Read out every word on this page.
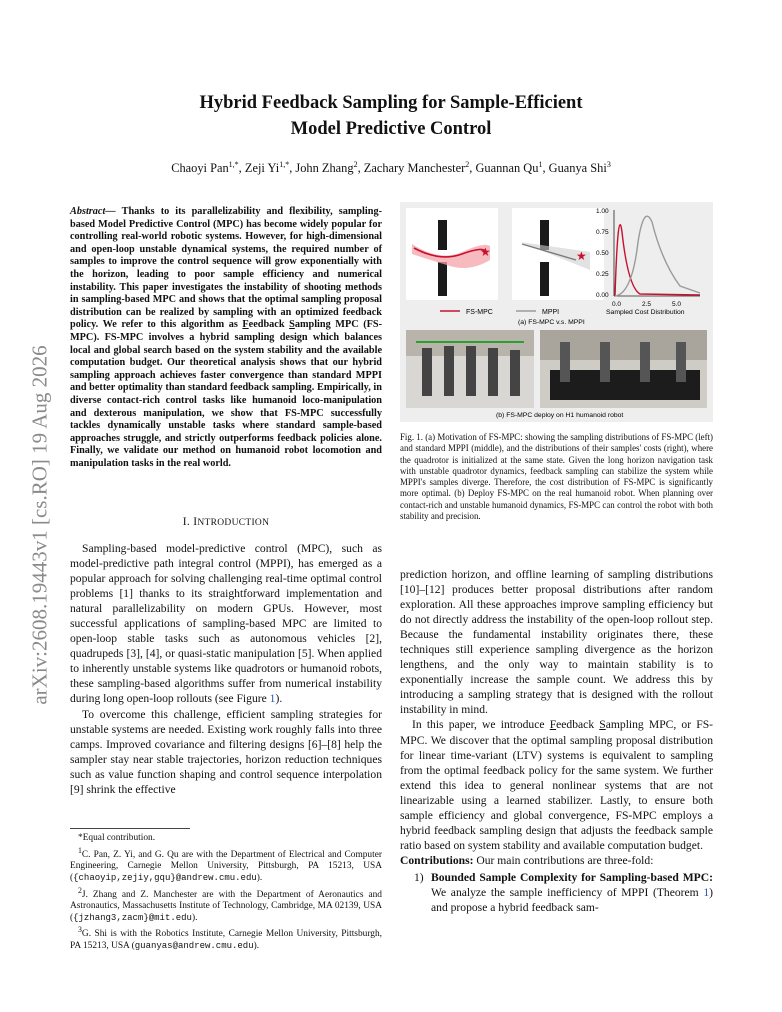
Hybrid Feedback Sampling for Sample-Efficient
Model Predictive Control
Chaoyi Pan$^{1,*}$, Zeji $Yi^{1,*}$, John Zhang$^2$, Zachary Manchester$^2$, Guannan Qu$^1$, Guanya Shi$^3$
arXiv:2608.19443v1 [cs.RO] 19 Aug 2026
Abstract— Thanks to its parallelizability and flexibility, sampling-based Model Predictive Control (MPC) has become widely popular for controlling real-world robotic systems. However, for high-dimensional and open-loop unstable dynamical systems, the required number of samples to improve the control sequence will grow exponentially with the horizon, leading to poor sample efficiency and numerical instability. This paper investigates the instability of shooting methods in sampling-based MPC and shows that the optimal sampling proposal distribution can be realized by sampling with an optimized feedback policy. We refer to this algorithm as Feedback Sampling MPC (FS-MPC). FS-MPC involves a hybrid sampling design which balances local and global search based on the system stability and the available computation budget. Our theoretical analysis shows that our hybrid sampling approach achieves faster convergence than standard MPPI and better optimality than standard feedback sampling. Empirically, in diverse contact-rich control tasks like humanoid loco-manipulation and dexterous manipulation, we show that FS-MPC successfully tackles dynamically unstable tasks where standard sample-based approaches struggle, and strictly outperforms feedback policies alone. Finally, we validate our method on humanoid robot locomotion and manipulation tasks in the real world.
I. INTRODUCTION

Sampling-based model-predictive control (MPC), such as model-predictive path integral control (MPPI), has emerged as a popular approach for solving challenging real-time optimal control problems [1] thanks to its straightforward implementation and natural parallelizability on modern GPUs. However, most successful applications of sampling-based MPC are limited to open-loop stable tasks such as autonomous vehicles [2], quadrupeds [3], [4], or quasi-static manipulation [5]. When applied to inherently unstable systems like quadrotors or humanoid robots, these sampling-based algorithms suffer from numerical instability during long open-loop rollouts (see Figure 1).

To overcome this challenge, efficient sampling strategies for unstable systems are needed. Existing work roughly falls into three camps. Improved covariance and filtering designs [6]–[8] help the sampler stay near stable trajectories, horizon reduction techniques such as value function shaping and control sequence interpolation [9] shrink the effective

*Equal contribution.

$^1$C. Pan, Z. Yi, and G. Qu are with the Department of Electrical and Computer Engineering, Carnegie Mellon University, Pittsburgh, PA 15213, USA ({chaoyip,zejiy,gqu}@andrew.cmu.edu).

$^2$J. Zhang and Z. Manchester are with the Department of Aeronautics and Astronautics, Massachusetts Institute of Technology, Cambridge, MA 02139, USA ({jzhang3,zacm}@mit.edu).

$^3$G. Shi is with the Robotics Institute, Carnegie Mellon University, Pittsburgh, PA 15213, USA (guanyas@andrew.cmu.edu).

★	★
1.00
0.75
0.50
0.25
0.00
0.0	2.5	5.0
Sampled Cost Distribution
FS-MPC	MPPI
(a) FS-MPC v.s. MPPI
(b) FS-MPC deploy on H1 humanoid robot
Fig. 1. (a) Motivation of FS-MPC: showing the sampling distributions of FS-MPC (left) and standard MPPI (middle), and the distributions of their samples' costs (right), where the quadrotor is initialized at the same state. Given the long horizon navigation task with unstable quadrotor dynamics, feedback sampling can stabilize the system while MPPI's samples diverge. Therefore, the cost distribution of FS-MPC is significantly more optimal. (b) Deploy FS-MPC on the real humanoid robot. When planning over contact-rich and unstable humanoid dynamics, FS-MPC can control the robot with both stability and precision.

prediction horizon, and offline learning of sampling distributions [10]–[12] produces better proposal distributions after random exploration. All these approaches improve sampling efficiency but do not directly address the instability of the open-loop rollout step. Because the fundamental instability originates there, these techniques still experience sampling divergence as the horizon lengthens, and the only way to maintain stability is to exponentially increase the sample count. We address this by introducing a sampling strategy that is designed with the rollout instability in mind.

In this paper, we introduce Feedback Sampling MPC, or FS-MPC. We discover that the optimal sampling proposal distribution for linear time-variant (LTV) systems is equivalent to sampling from the optimal feedback policy for the same system. We further extend this idea to general nonlinear systems that are not linearizable using a learned stabilizer. Lastly, to ensure both sample efficiency and global convergence, FS-MPC employs a hybrid feedback sampling design that adjusts the feedback sample ratio based on system stability and available computation budget.

Contributions: Our main contributions are three-fold:

1) Bounded Sample Complexity for Sampling-based MPC: We analyze the sample inefficiency of MPPI (Theorem 1) and propose a hybrid feedback sam-
